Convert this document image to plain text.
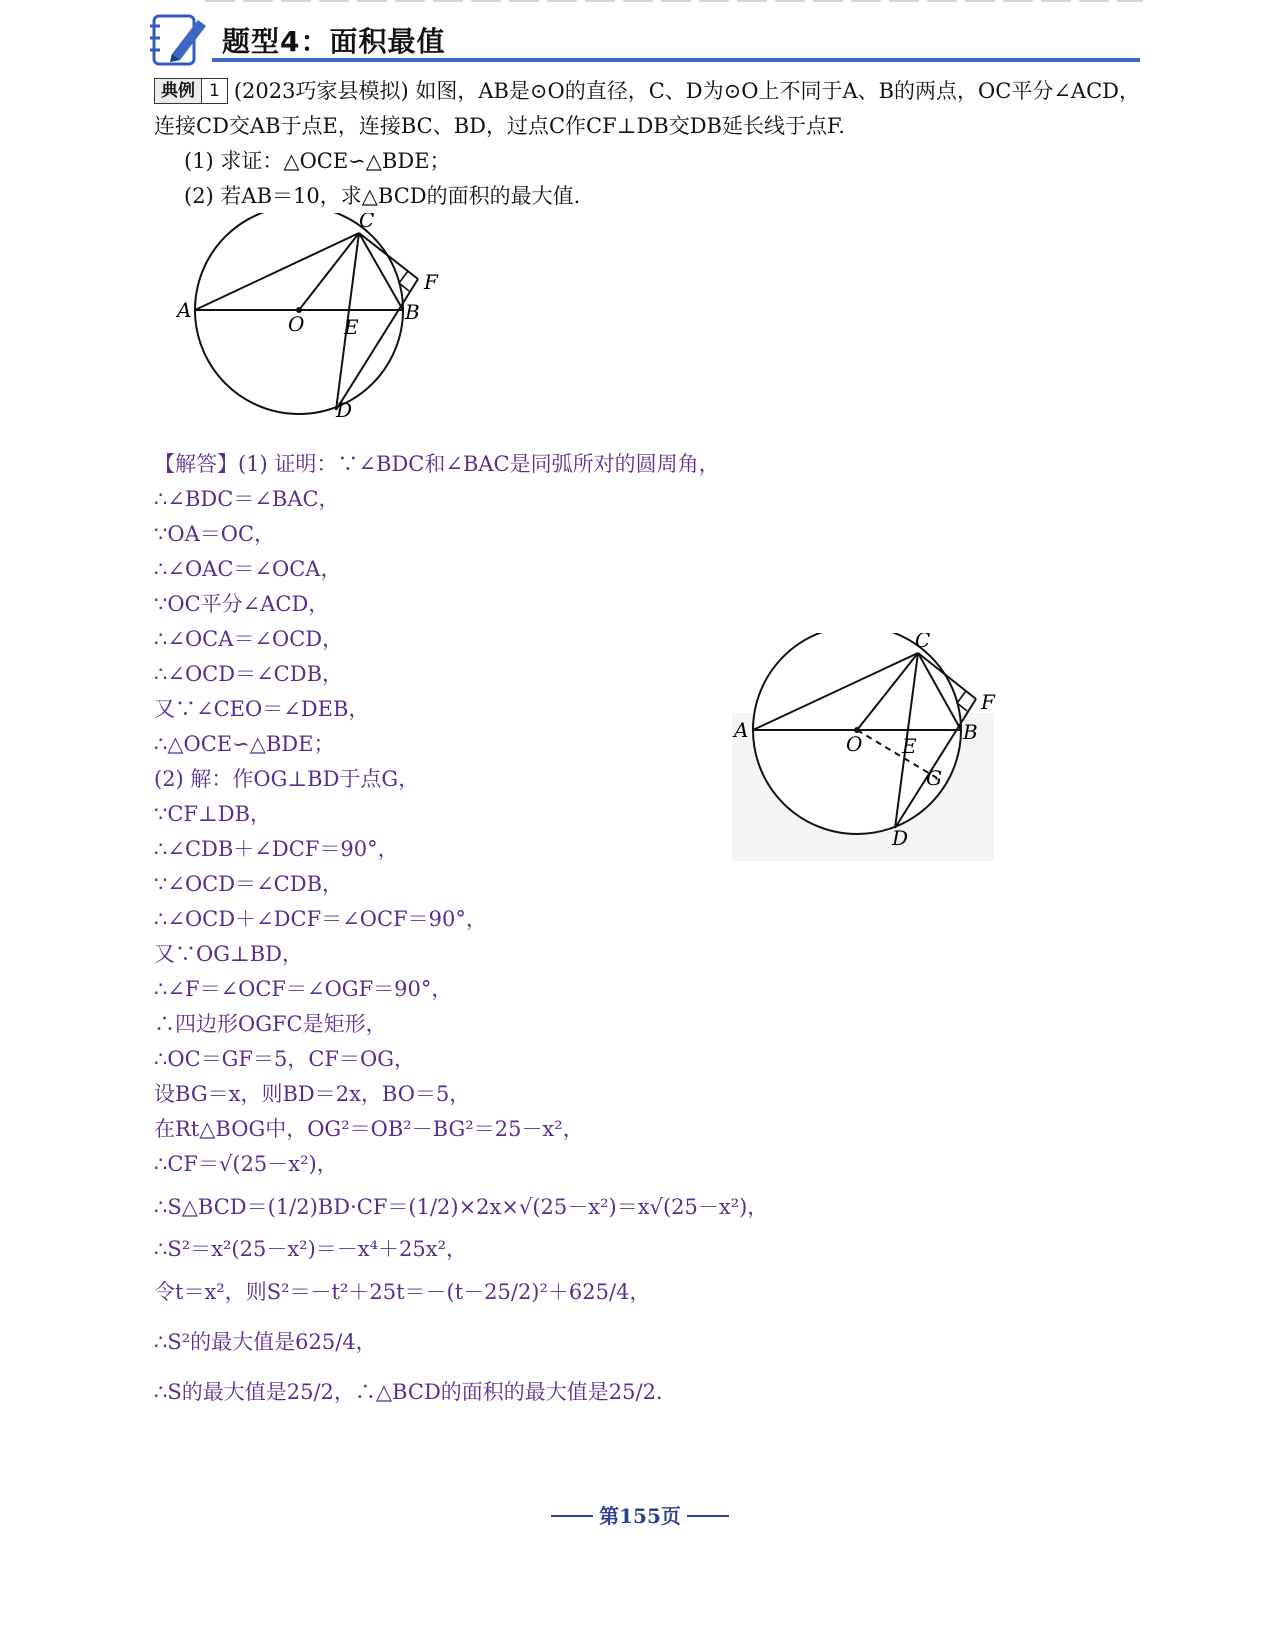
题型4：面积最值
典例 1 (2023巧家县模拟) 如图，AB是⊙O的直径，C、D为⊙O上不同于A、B的两点，OC平分∠ACD，连接CD交AB于点E，连接BC、BD，过点C作CF⊥DB交DB延长线于点F.
(1) 求证：△OCE∽△BDE；
(2) 若AB＝10，求△BCD的面积的最大值.
C
F
A
O E
B
D
C
F
A
O E
B
G
D
【解答】(1) 证明：∵∠BDC和∠BAC是同弧所对的圆周角，
∴∠BDC＝∠BAC，
∵OA＝OC，
∴∠OAC＝∠OCA，
∵OC平分∠ACD，
∴∠OCA＝∠OCD，
∴∠OCD＝∠CDB，
又∵∠CEO＝∠DEB，
∴△OCE∽△BDE；
(2) 解：作OG⊥BD于点G，
∵CF⊥DB，
∴∠CDB＋∠DCF＝90°，
∵∠OCD＝∠CDB，
∴∠OCD＋∠DCF＝∠OCF＝90°，
又∵OG⊥BD，
∴∠F＝∠OCF＝∠OGF＝90°，
∴四边形OGFC是矩形，
∴OC＝GF＝5，CF＝OG，
设BG＝x，则BD＝2x，BO＝5，
在Rt△BOG中，OG²＝OB²－BG²＝25－x²，
∴CF＝√(25－x²)，
∴S△BCD＝(1/2)BD·CF＝(1/2)×2x×√(25－x²)＝x√(25－x²)，
∴S²＝x²(25－x²)＝－x⁴＋25x²，
令t＝x²，则S²＝－t²＋25t＝－(t－25/2)²＋625/4，
∴S²的最大值是625/4，
∴S的最大值是25/2，∴△BCD的面积的最大值是25/2.
第155页
